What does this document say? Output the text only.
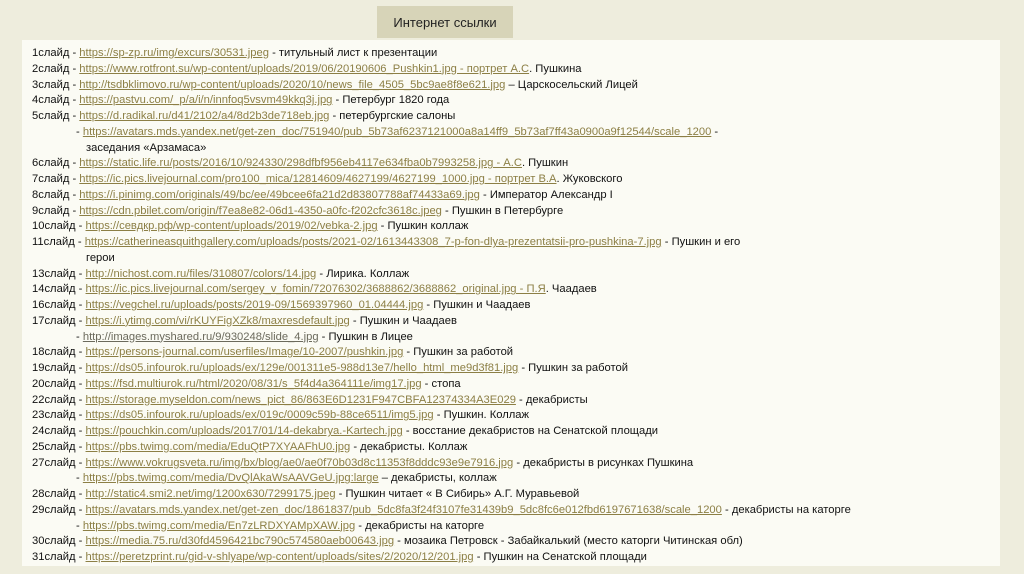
Интернет ссылки
1слайд - https://sp-zp.ru/img/excurs/30531.jpeg - титульный лист к презентации
2слайд - https://www.rotfront.su/wp-content/uploads/2019/06/20190606_Pushkin1.jpg - портрет А.С. Пушкина
3слайд - http://tsdbklimovo.ru/wp-content/uploads/2020/10/news_file_4505_5bc9ae8f8e621.jpg – Царскосельский Лицей
4слайд - https://pastvu.com/_p/a/i/n/innfoq5vsvm49kkq3j.jpg - Петербург 1820 года
5слайд - https://d.radikal.ru/d41/2102/a4/8d2b3de718eb.jpg - петербургские салоны
- https://avatars.mds.yandex.net/get-zen_doc/751940/pub_5b73af6237121000a8a14ff9_5b73af7ff43a0900a9f12544/scale_1200 -
заседания «Арзамаса»
6слайд - https://static.life.ru/posts/2016/10/924330/298dfbf956eb4117e634fba0b7993258.jpg - А.С. Пушкин
7слайд - https://ic.pics.livejournal.com/pro100_mica/12814609/4627199/4627199_1000.jpg - портрет В.А. Жуковского
8слайд - https://i.pinimg.com/originals/49/bc/ee/49bcee6fa21d2d83807788af74433a69.jpg - Император Александр I
9слайд - https://cdn.pbilet.com/origin/f7ea8e82-06d1-4350-a0fc-f202cfc3618c.jpeg - Пушкин в Петербурге
10слайд - https://севдкр.рф/wp-content/uploads/2019/02/vebka-2.jpg - Пушкин коллаж
11слайд - https://catherineasquithgallery.com/uploads/posts/2021-02/1613443308_7-p-fon-dlya-prezentatsii-pro-pushkina-7.jpg - Пушкин и его
герои
13слайд - http://nichost.com.ru/files/310807/colors/14.jpg - Лирика. Коллаж
14слайд - https://ic.pics.livejournal.com/sergey_v_fomin/72076302/3688862/3688862_original.jpg - П.Я. Чаадаев
16слайд - https://vegchel.ru/uploads/posts/2019-09/1569397960_01.04444.jpg - Пушкин и Чаадаев
17слайд - https://i.ytimg.com/vi/rKUYFigXZk8/maxresdefault.jpg - Пушкин и Чаадаев
- http://images.myshared.ru/9/930248/slide_4.jpg - Пушкин в Лицее
18слайд - https://persons-journal.com/userfiles/Image/10-2007/pushkin.jpg - Пушкин за работой
19слайд - https://ds05.infourok.ru/uploads/ex/129e/001311e5-988d13e7/hello_html_me9d3f81.jpg - Пушкин за работой
20слайд - https://fsd.multiurok.ru/html/2020/08/31/s_5f4d4a364111e/img17.jpg - стопа
22слайд - https://storage.myseldon.com/news_pict_86/863E6D1231F947CBFA12374334A3E029 - декабристы
23слайд - https://ds05.infourok.ru/uploads/ex/019c/0009c59b-88ce6511/img5.jpg - Пушкин. Коллаж
24слайд - https://pouchkin.com/uploads/2017/01/14-dekabrya.-Kartech.jpg - восстание декабристов на Сенатской площади
25слайд - https://pbs.twimg.com/media/EduQtP7XYAAFhU0.jpg - декабристы. Коллаж
27слайд - https://www.vokrugsveta.ru/img/bx/blog/ae0/ae0f70b03d8c11353f8dddc93e9e7916.jpg - декабристы в рисунках Пушкина
- https://pbs.twimg.com/media/DvQlAkaWsAAVGeU.jpg:large – декабристы, коллаж
28слайд - http://static4.smi2.net/img/1200x630/7299175.jpeg - Пушкин читает « В Сибирь» А.Г. Муравьевой
29слайд - https://avatars.mds.yandex.net/get-zen_doc/1861837/pub_5dc8fa3f24f3107fe31439b9_5dc8fc6e012fbd6197671638/scale_1200 - декабристы на каторге
- https://pbs.twimg.com/media/En7zLRDXYAMpXAW.jpg - декабристы на каторге
30слайд - https://media.75.ru/d30fd4596421bc790c574580aeb00643.jpg - мозаика Петровск - Забайкалький (место каторги Читинская обл)
31слайд - https://peretzprint.ru/gid-v-shlyape/wp-content/uploads/sites/2/2020/12/201.jpg - Пушкин на Сенатской площади
